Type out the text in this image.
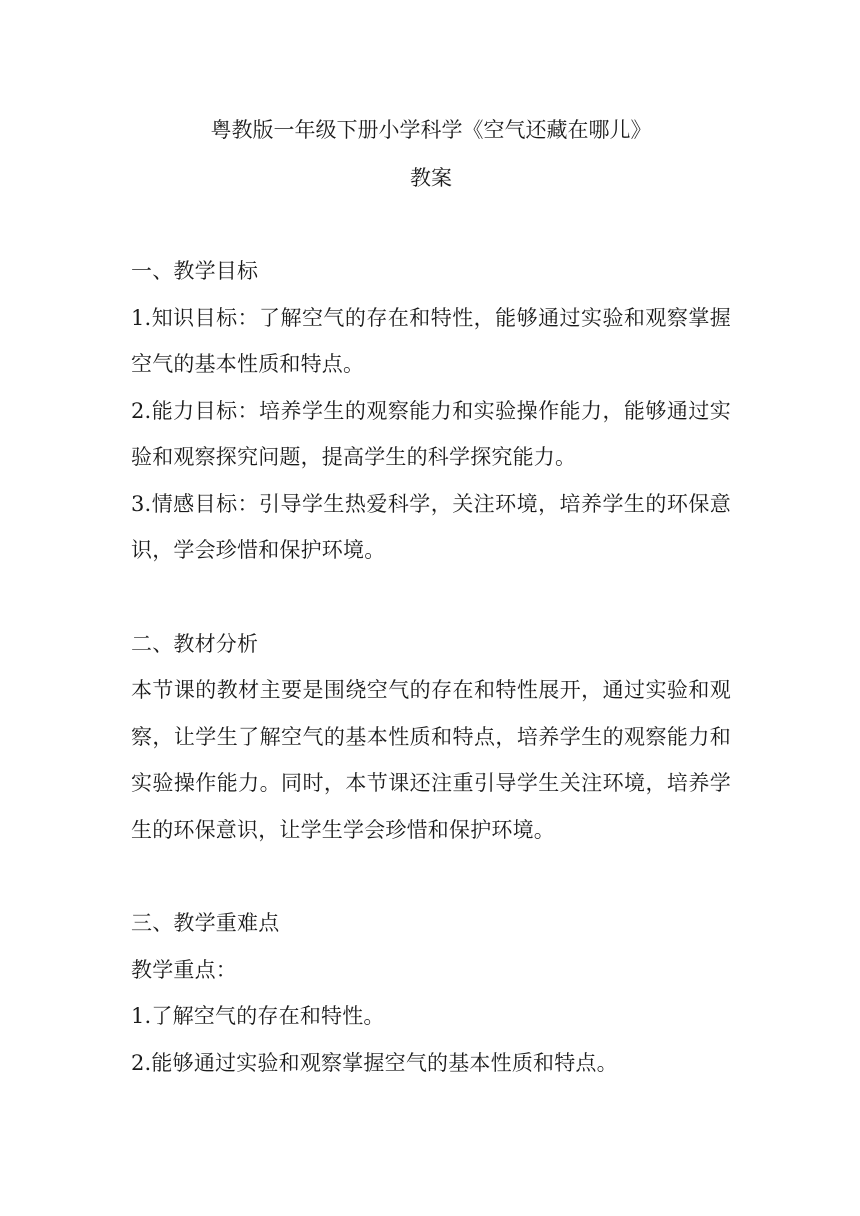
粤教版一年级下册小学科学《空气还藏在哪儿》
教案
一、教学目标

1.知识目标：了解空气的存在和特性，能够通过实验和观察掌握空气的基本性质和特点。

2.能力目标：培养学生的观察能力和实验操作能力，能够通过实验和观察探究问题，提高学生的科学探究能力。

3.情感目标：引导学生热爱科学，关注环境，培养学生的环保意识，学会珍惜和保护环境。

二、教材分析

本节课的教材主要是围绕空气的存在和特性展开，通过实验和观察，让学生了解空气的基本性质和特点，培养学生的观察能力和实验操作能力。同时，本节课还注重引导学生关注环境，培养学生的环保意识，让学生学会珍惜和保护环境。

三、教学重难点

教学重点：

1.了解空气的存在和特性。

2.能够通过实验和观察掌握空气的基本性质和特点。
